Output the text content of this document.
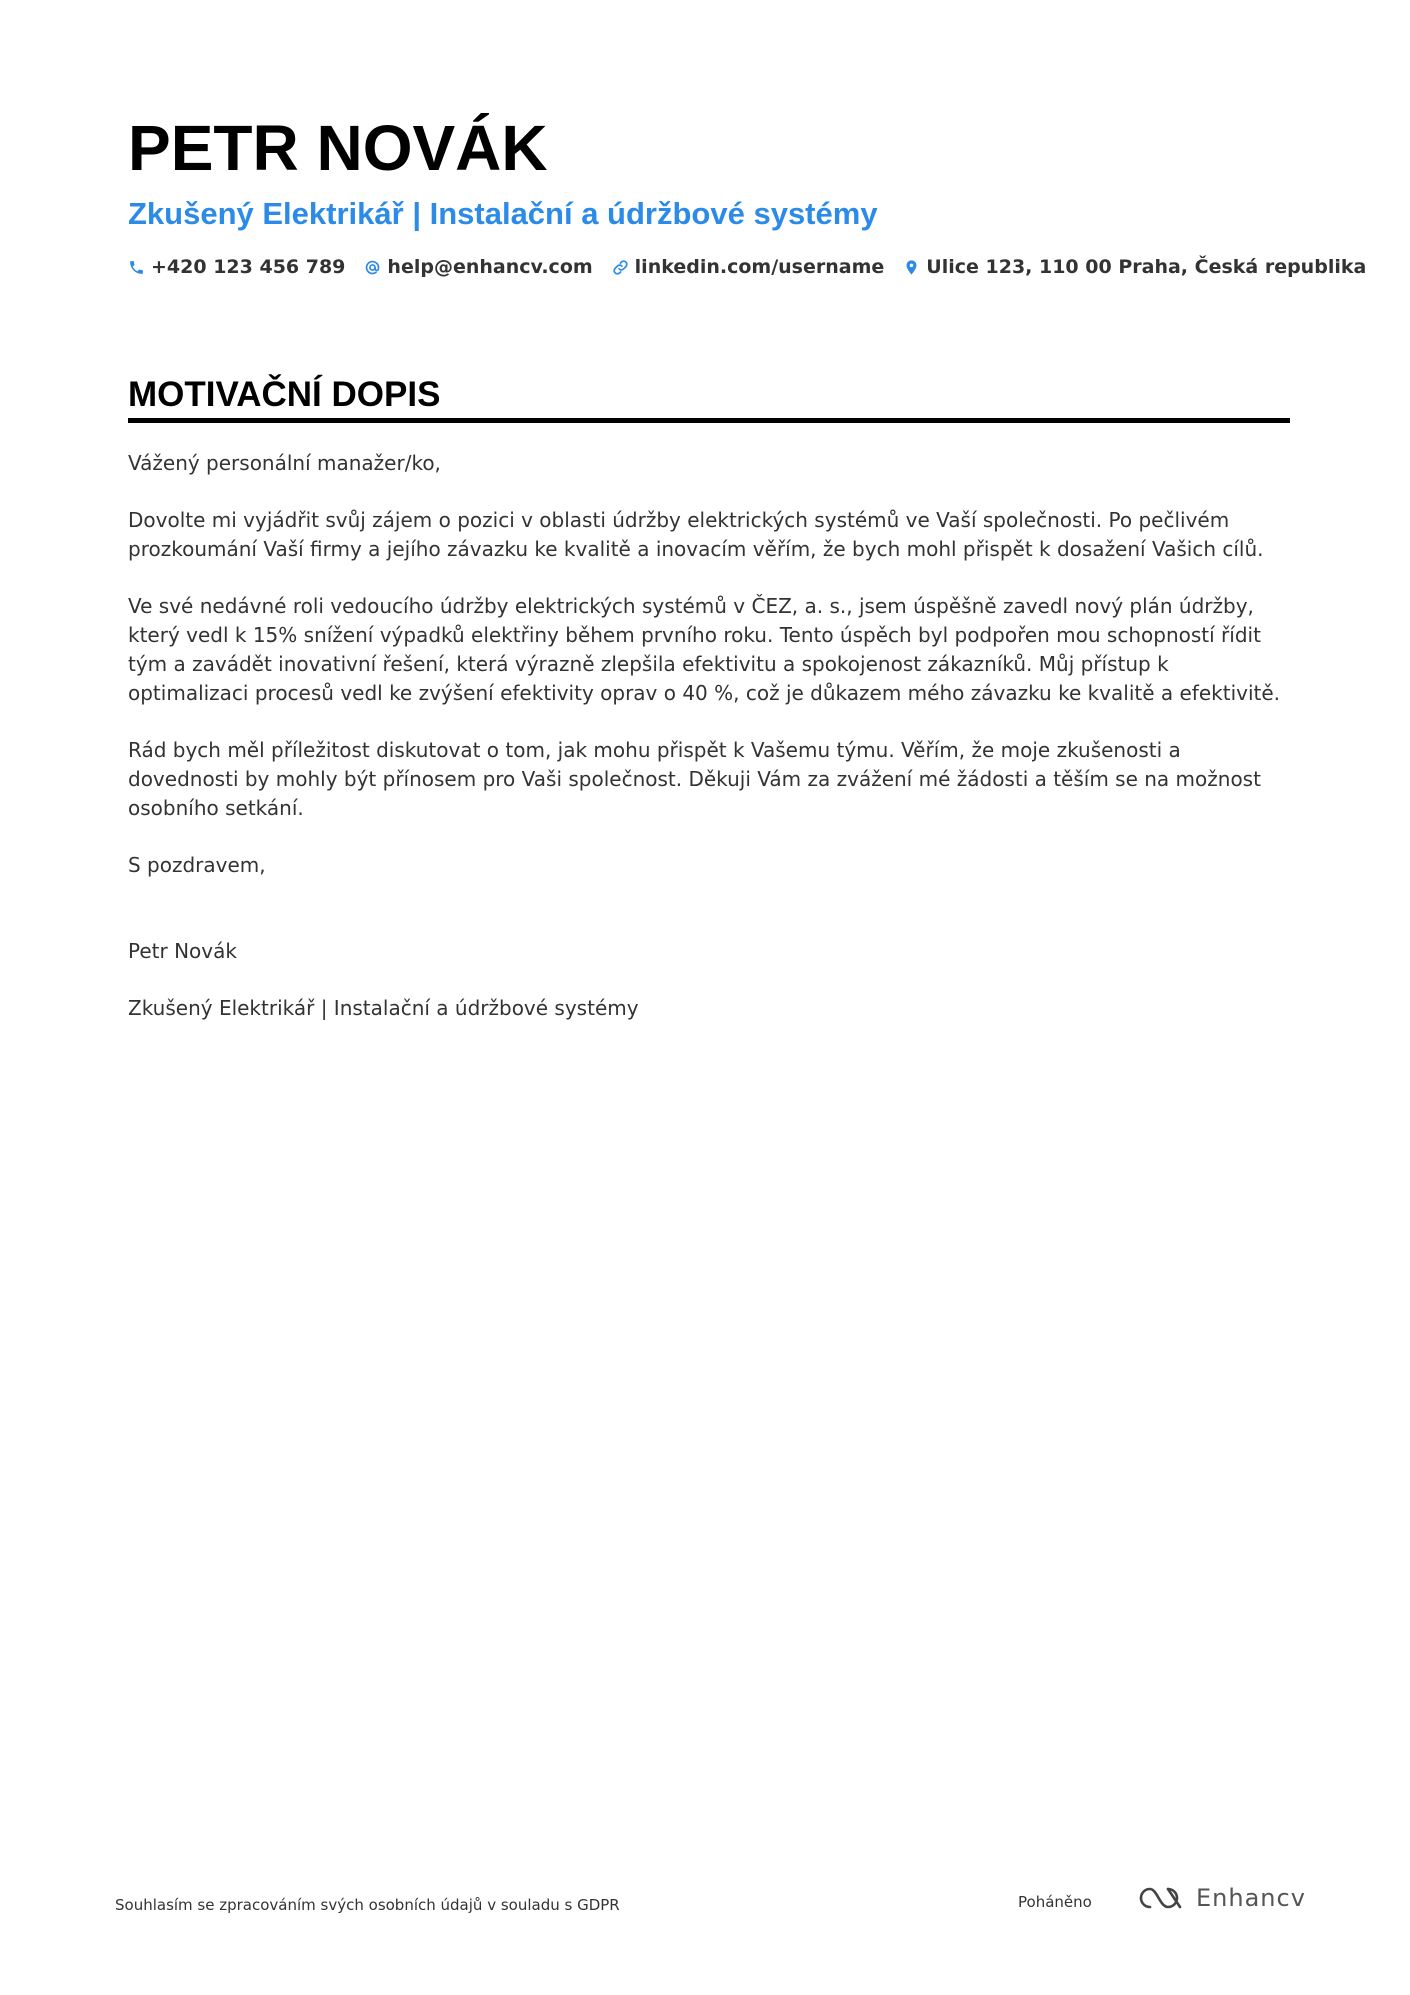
PETR NOVÁK
Zkušený Elektrikář | Instalační a údržbové systémy
+420 123 456 789 help@enhancv.com linkedin.com/username Ulice 123, 110 00 Praha, Česká republika
MOTIVAČNÍ DOPIS

Vážený personální manažer/ko,

Dovolte mi vyjádřit svůj zájem o pozici v oblasti údržby elektrických systémů ve Vaší společnosti. Po pečlivém prozkoumání Vaší firmy a jejího závazku ke kvalitě a inovacím věřím, že bych mohl přispět k dosažení Vašich cílů.

Ve své nedávné roli vedoucího údržby elektrických systémů v ČEZ, a. s., jsem úspěšně zavedl nový plán údržby, který vedl k 15% snížení výpadků elektřiny během prvního roku. Tento úspěch byl podpořen mou schopností řídit tým a zavádět inovativní řešení, která výrazně zlepšila efektivitu a spokojenost zákazníků. Můj přístup k optimalizaci procesů vedl ke zvýšení efektivity oprav o 40 %, což je důkazem mého závazku ke kvalitě a efektivitě.

Rád bych měl příležitost diskutovat o tom, jak mohu přispět k Vašemu týmu. Věřím, že moje zkušenosti a dovednosti by mohly být přínosem pro Vaši společnost. Děkuji Vám za zvážení mé žádosti a těším se na možnost osobního setkání.

S pozdravem,

Petr Novák

Zkušený Elektrikář | Instalační a údržbové systémy

Souhlasím se zpracováním svých osobních údajů v souladu s GDPR	Poháněno	Enhancv
